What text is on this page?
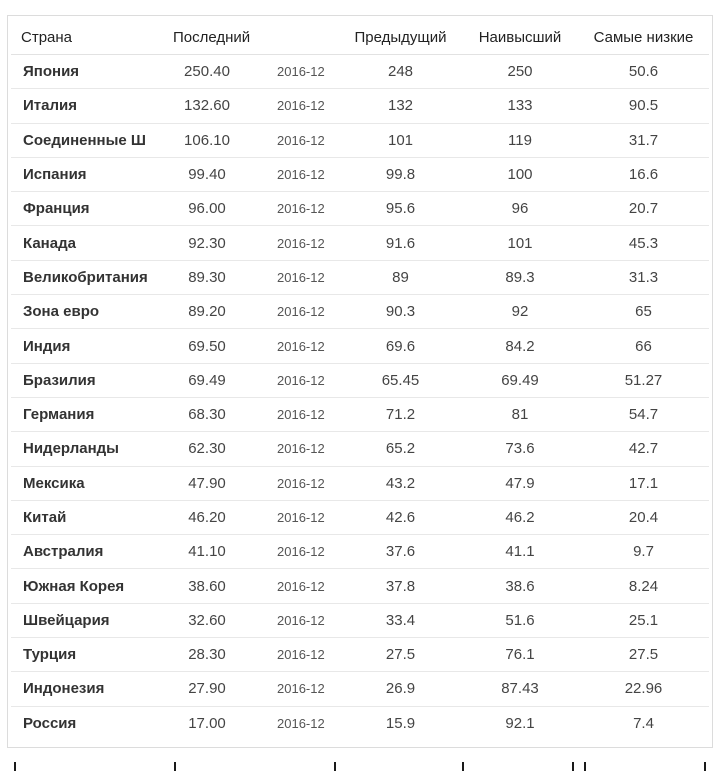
Страна	Последний		Предыдущий	Наивысший	Самые низкие
Япония	250.40	2016-12	248	250	50.6
Италия	132.60	2016-12	132	133	90.5
Соединенные Ш	106.10	2016-12	101	119	31.7
Испания	99.40	2016-12	99.8	100	16.6
Франция	96.00	2016-12	95.6	96	20.7
Канада	92.30	2016-12	91.6	101	45.3
Великобритания	89.30	2016-12	89	89.3	31.3
Зона евро	89.20	2016-12	90.3	92	65
Индия	69.50	2016-12	69.6	84.2	66
Бразилия	69.49	2016-12	65.45	69.49	51.27
Германия	68.30	2016-12	71.2	81	54.7
Нидерланды	62.30	2016-12	65.2	73.6	42.7
Мексика	47.90	2016-12	43.2	47.9	17.1
Китай	46.20	2016-12	42.6	46.2	20.4
Австралия	41.10	2016-12	37.6	41.1	9.7
Южная Корея	38.60	2016-12	37.8	38.6	8.24
Швейцария	32.60	2016-12	33.4	51.6	25.1
Турция	28.30	2016-12	27.5	76.1	27.5
Индонезия	27.90	2016-12	26.9	87.43	22.96
Россия	17.00	2016-12	15.9	92.1	7.4
